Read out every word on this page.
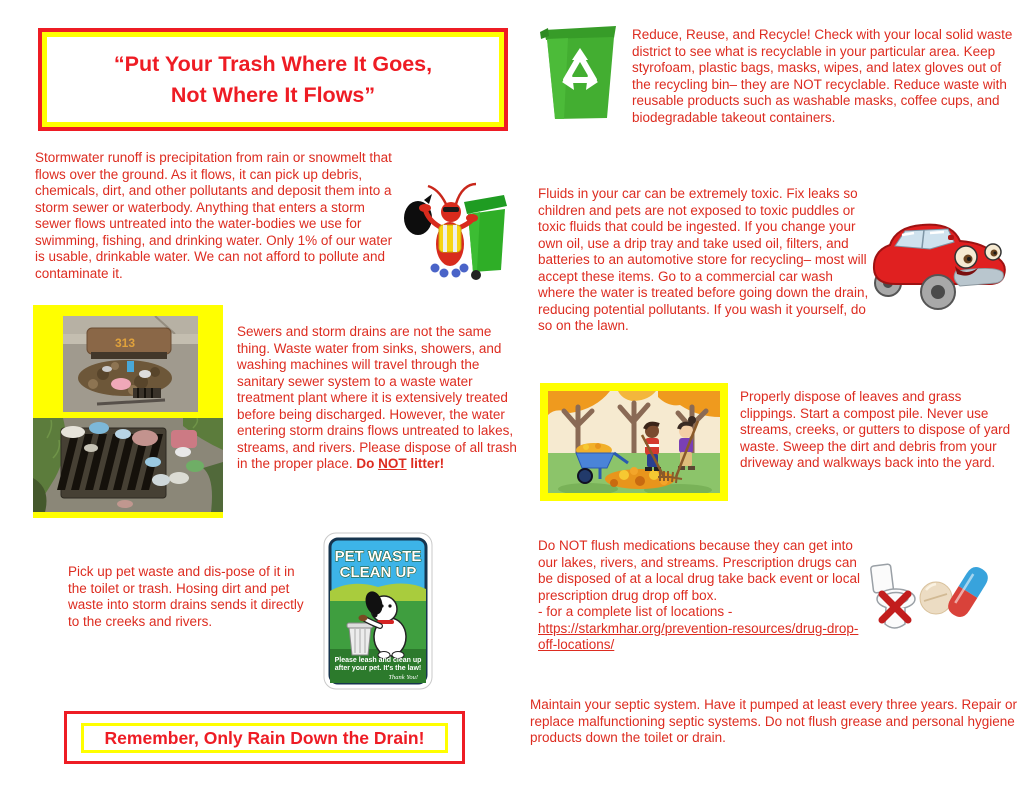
“Put Your Trash Where It Goes,
Not Where It Flows”
Reduce, Reuse, and Recycle! Check with your local solid waste district to see what is recyclable in your particular area. Keep styrofoam, plastic bags, masks, wipes, and latex gloves out of the recycling bin– they are NOT recyclable. Reduce waste with reusable products such as washable masks, coffee cups, and biodegradable takeout containers.
Stormwater runoff is precipitation from rain or snowmelt that flows over the ground. As it flows, it can pick up debris, chemicals, dirt, and other pollutants and deposit them into a storm sewer or waterbody. Anything that enters a storm sewer flows untreated into the water-bodies we use for swimming, fishing, and drinking water. Only 1% of our water is usable, drinkable water. We can not afford to pollute and contaminate it.
313
Sewers and storm drains are not the same thing. Waste water from sinks, showers, and washing machines will travel through the sanitary sewer system to a waste water treatment plant where it is extensively treated before being discharged. However, the water entering storm drains flows untreated to lakes, streams, and rivers. Please dispose of all trash in the proper place. Do NOT litter!
Pick up pet waste and dis-pose of it in the toilet or trash. Hosing dirt and pet waste into storm drains sends it directly to the creeks and rivers.
PET WASTE
CLEAN UP
Please leash and clean up
after your pet. It's the law!
Thank You!
Remember, Only Rain Down the Drain!
Fluids in your car can be extremely toxic. Fix leaks so children and pets are not exposed to toxic puddles or toxic fluids that could be ingested. If you change your own oil, use a drip tray and take used oil, filters, and batteries to an automotive store for recycling– most will accept these items. Go to a commercial car wash where the water is treated before going down the drain, reducing potential pollutants. If you wash it yourself, do so on the lawn.
Properly dispose of leaves and grass clippings. Start a compost pile. Never use streams, creeks, or gutters to dispose of yard waste. Sweep the dirt and debris from your driveway and walkways back into the yard.
Do NOT flush medications because they can get into our lakes, rivers, and streams. Prescription drugs can be disposed of at a local drug take back event or local prescription drug drop off box.
- for a complete list of locations -
https://starkmhar.org/prevention-resources/drug-drop-off-locations/
Maintain your septic system. Have it pumped at least every three years. Repair or replace malfunctioning septic systems. Do not flush grease and personal hygiene products down the toilet or drain.
